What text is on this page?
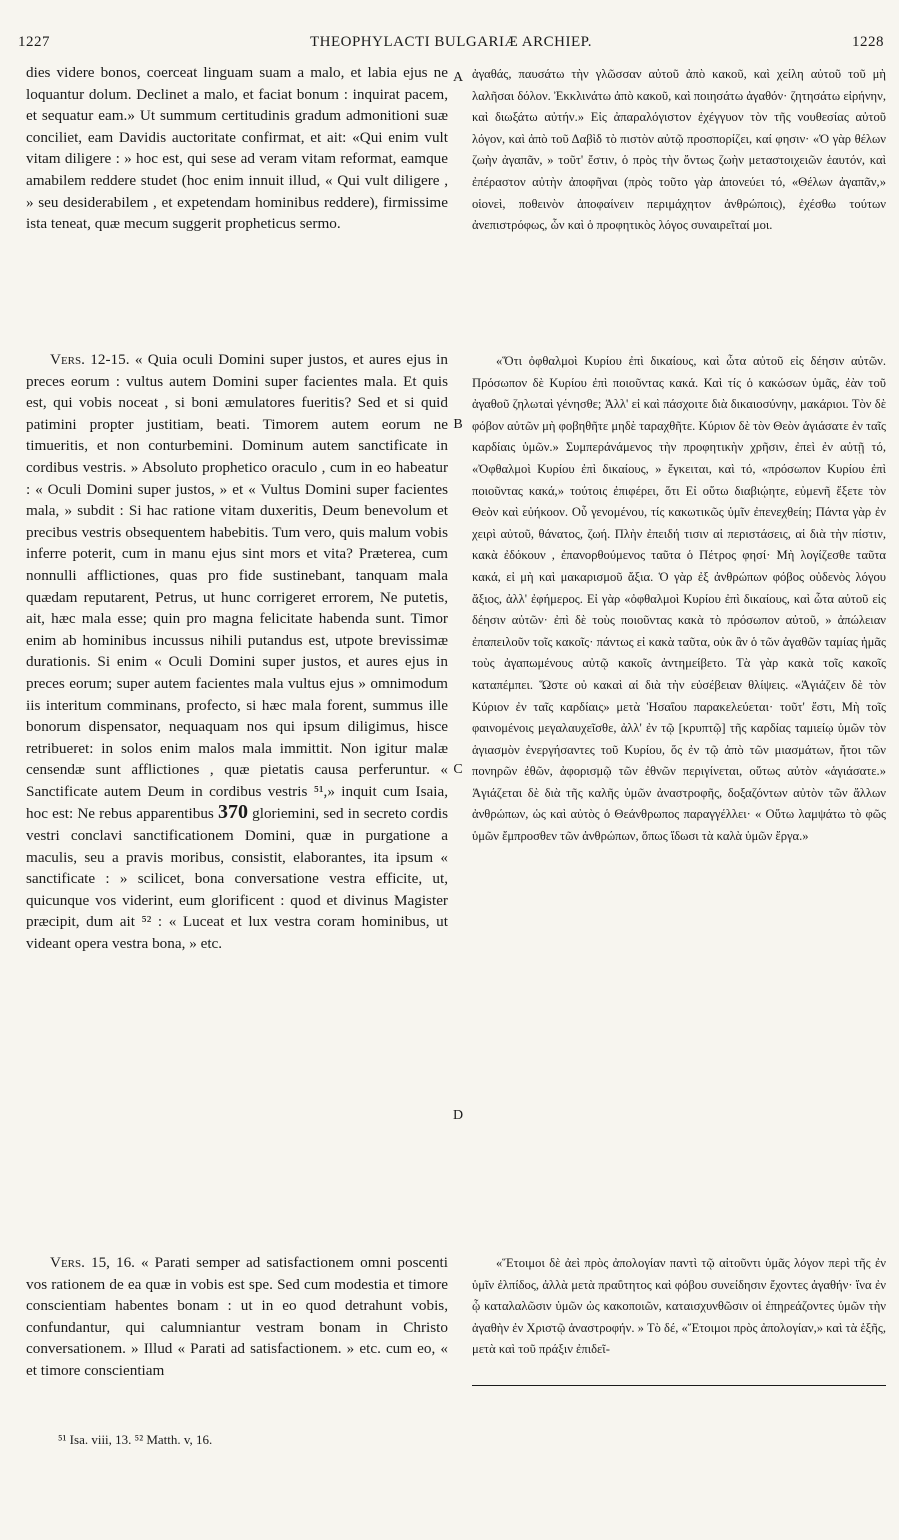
1227	THEOPHYLACTI BULGARIÆ ARCHIEP.	1228
A
B
C
D

dies videre bonos, coerceat linguam suam a malo, et labia ejus ne loquantur dolum. Declinet a malo, et faciat bonum : inquirat pacem, et sequatur eam.» Ut summum certitudinis gradum admonitioni suæ conciliet, eam Davidis auctoritate confirmat, et ait: «Qui enim vult vitam diligere : » hoc est, qui sese ad veram vitam reformat, eamque amabilem reddere studet (hoc enim innuit illud, « Qui vult diligere , » seu desiderabilem , et expetendam hominibus reddere), firmissime ista teneat, quæ mecum suggerit propheticus sermo.

Vers. 12-15. « Quia oculi Domini super justos, et aures ejus in preces eorum : vultus autem Domini super facientes mala. Et quis est, qui vobis noceat , si boni æmulatores fueritis? Sed et si quid patimini propter justitiam, beati. Timorem autem eorum ne timueritis, et non conturbemini. Dominum autem sanctificate in cordibus vestris. » Absoluto prophetico oraculo , cum in eo habeatur : « Oculi Domini super justos, » et « Vultus Domini super facientes mala, » subdit : Si hac ratione vitam duxeritis, Deum benevolum et precibus vestris obsequentem habebitis. Tum vero, quis malum vobis inferre poterit, cum in manu ejus sint mors et vita? Præterea, cum nonnulli afflictiones, quas pro fide sustinebant, tanquam mala quædam reputarent, Petrus, ut hunc corrigeret errorem, Ne putetis, ait, hæc mala esse; quin pro magna felicitate habenda sunt. Timor enim ab hominibus incussus nihili putandus est, utpote brevissimæ durationis. Si enim « Oculi Domini super justos, et aures ejus in preces eorum; super autem facientes mala vultus ejus » omnimodum iis interitum comminans, profecto, si hæc mala forent, summus ille bonorum dispensator, nequaquam nos qui ipsum diligimus, hisce retribueret: in solos enim malos mala immittit. Non igitur malæ censendæ sunt afflictiones , quæ pietatis causa perferuntur. « Sanctificate autem Deum in cordibus vestris ⁵¹,» inquit cum Isaia, hoc est: Ne rebus apparentibus 370 gloriemini, sed in secreto cordis vestri conclavi sanctificationem Domini, quæ in purgatione a maculis, seu a pravis moribus, consistit, elaborantes, ita ipsum « sanctificate : » scilicet, bona conversatione vestra efficite, ut, quicunque vos viderint, eum glorificent : quod et divinus Magister præcipit, dum ait ⁵² : « Luceat et lux vestra coram hominibus, ut videant opera vestra bona, » etc.

Vers. 15, 16. « Parati semper ad satisfactionem omni poscenti vos rationem de ea quæ in vobis est spe. Sed cum modestia et timore conscientiam habentes bonam : ut in eo quod detrahunt vobis, confundantur, qui calumniantur vestram bonam in Christo conversationem. » Illud « Parati ad satisfactionem. » etc. cum eo, « et timore conscientiam

ἀγαθάς, παυσάτω τὴν γλῶσσαν αὐτοῦ ἀπὸ κακοῦ, καὶ χείλη αὐτοῦ τοῦ μὴ λαλῆσαι δόλον. Ἐκκλινάτω ἀπὸ κακοῦ, καὶ ποιησάτω ἀγαθόν· ζητησάτω εἰρήνην, καὶ διωξάτω αὐτήν.» Εἰς ἀπαραλόγιστον ἐχέγγυον τὸν τῆς νουθεσίας αὐτοῦ λόγον, καὶ ἀπὸ τοῦ Δαβὶδ τὸ πιστὸν αὐτῷ προσπορίζει, καί φησιν· «Ὁ γὰρ θέλων ζωὴν ἀγαπᾶν, » τοῦτ' ἔστιν, ὁ πρὸς τὴν ὄντως ζωὴν μεταστοιχειῶν ἑαυτόν, καὶ ἐπέραστον αὐτὴν ἀποφῆναι (πρὸς τοῦτο γὰρ ἀπονεύει τό, «Θέλων ἀγαπᾶν,» οἱονεὶ, ποθεινὸν ἀποφαίνειν περιμάχητον ἀνθρώποις), ἐχέσθω τούτων ἀνεπιστρόφως, ὧν καὶ ὁ προφητικὸς λόγος συναιρεῖταί μοι.

«Ὅτι ὀφθαλμοὶ Κυρίου ἐπὶ δικαίους, καὶ ὦτα αὐτοῦ εἰς δέησιν αὐτῶν. Πρόσωπον δὲ Κυρίου ἐπὶ ποιοῦντας κακά. Καὶ τίς ὁ κακώσων ὑμᾶς, ἐὰν τοῦ ἀγαθοῦ ζηλωταὶ γένησθε; Ἀλλ' εἰ καὶ πάσχοιτε διὰ δικαιοσύνην, μακάριοι. Τὸν δὲ φόβον αὐτῶν μὴ φοβηθῆτε μηδὲ ταραχθῆτε. Κύριον δὲ τὸν Θεὸν ἁγιάσατε ἐν ταῖς καρδίαις ὑμῶν.» Συμπεράνάμενος τὴν προφητικὴν χρῆσιν, ἐπεὶ ἐν αὐτῇ τό, «Ὀφθαλμοὶ Κυρίου ἐπὶ δικαίους, » ἔγκειται, καὶ τό, «πρόσωπον Κυρίου ἐπὶ ποιοῦντας κακά,» τούτοις ἐπιφέρει, ὅτι Εἰ οὕτω διαβιῴητε, εὐμενῆ ἕξετε τὸν Θεὸν καὶ εὐήκοον. Οὗ γενομένου, τίς κακωτικῶς ὑμῖν ἐπενεχθείη; Πάντα γὰρ ἐν χειρὶ αὐτοῦ, θάνατος, ζωή. Πλὴν ἐπειδή τισιν αἱ περιστάσεις, αἱ διὰ τὴν πίστιν, κακὰ ἐδόκουν , ἐπανορθούμενος ταῦτα ὁ Πέτρος φησί· Μὴ λογίζεσθε ταῦτα κακά, εἰ μὴ καὶ μακαρισμοῦ ἄξια. Ὁ γὰρ ἐξ ἀνθρώπων φόβος οὐδενὸς λόγου ἄξιος, ἀλλ' ἐφήμερος. Εἰ γὰρ «ὀφθαλμοὶ Κυρίου ἐπὶ δικαίους, καὶ ὦτα αὐτοῦ εἰς δέησιν αὐτῶν· ἐπὶ δὲ τοὺς ποιοῦντας κακὰ τὸ πρόσωπον αὐτοῦ, » ἀπώλειαν ἐπαπειλοῦν τοῖς κακοῖς· πάντως εἰ κακὰ ταῦτα, οὐκ ἂν ὁ τῶν ἀγαθῶν ταμίας ἡμᾶς τοὺς ἀγαπωμένους αὐτῷ κακοῖς ἀντημείβετο. Τὰ γὰρ κακὰ τοῖς κακοῖς καταπέμπει. Ὥστε οὐ κακαὶ αἱ διὰ τὴν εὐσέβειαν θλίψεις. «Ἁγιάζειν δὲ τὸν Κύριον ἐν ταῖς καρδίαις» μετὰ Ἡσαΐου παρακελεύεται· τοῦτ' ἔστι, Μὴ τοῖς φαινομένοις μεγαλαυχεῖσθε, ἀλλ' ἐν τῷ [κρυπτῷ] τῆς καρδίας ταμιείῳ ὑμῶν τὸν ἁγιασμὸν ἐνεργήσαντες τοῦ Κυρίου, ὅς ἐν τῷ ἀπὸ τῶν μιασμάτων, ἤτοι τῶν πονηρῶν ἐθῶν, ἀφορισμῷ τῶν ἐθνῶν περιγίνεται, οὕτως αὐτὸν «ἁγιάσατε.» Ἁγιάζεται δὲ διὰ τῆς καλῆς ὑμῶν ἀναστροφῆς, δοξαζόντων αὐτὸν τῶν ἄλλων ἀνθρώπων, ὡς καὶ αὐτὸς ὁ Θεάνθρωπος παραγγέλλει· « Οὕτω λαμψάτω τὸ φῶς ὑμῶν ἔμπροσθεν τῶν ἀνθρώπων, ὅπως ἴδωσι τὰ καλὰ ὑμῶν ἔργα.»

«Ἕτοιμοι δὲ ἀεὶ πρὸς ἀπολογίαν παντὶ τῷ αἰτοῦντι ὑμᾶς λόγον περὶ τῆς ἐν ὑμῖν ἐλπίδος, ἀλλὰ μετὰ πραΰτητος καὶ φόβου συνείδησιν ἔχοντες ἀγαθήν· ἵνα ἐν ᾧ καταλαλῶσιν ὑμῶν ὡς κακοποιῶν, καταισχυνθῶσιν οἱ ἐπηρεάζοντες ὑμῶν τὴν ἀγαθὴν ἐν Χριστῷ ἀναστροφήν. » Τὸ δέ, «Ἕτοιμοι πρὸς ἀπολογίαν,» καὶ τὰ ἑξῆς, μετὰ καὶ τοῦ πράξιν ἐπιδεῖ-

⁵¹ Isa. viii, 13. ⁵² Matth. v, 16.
